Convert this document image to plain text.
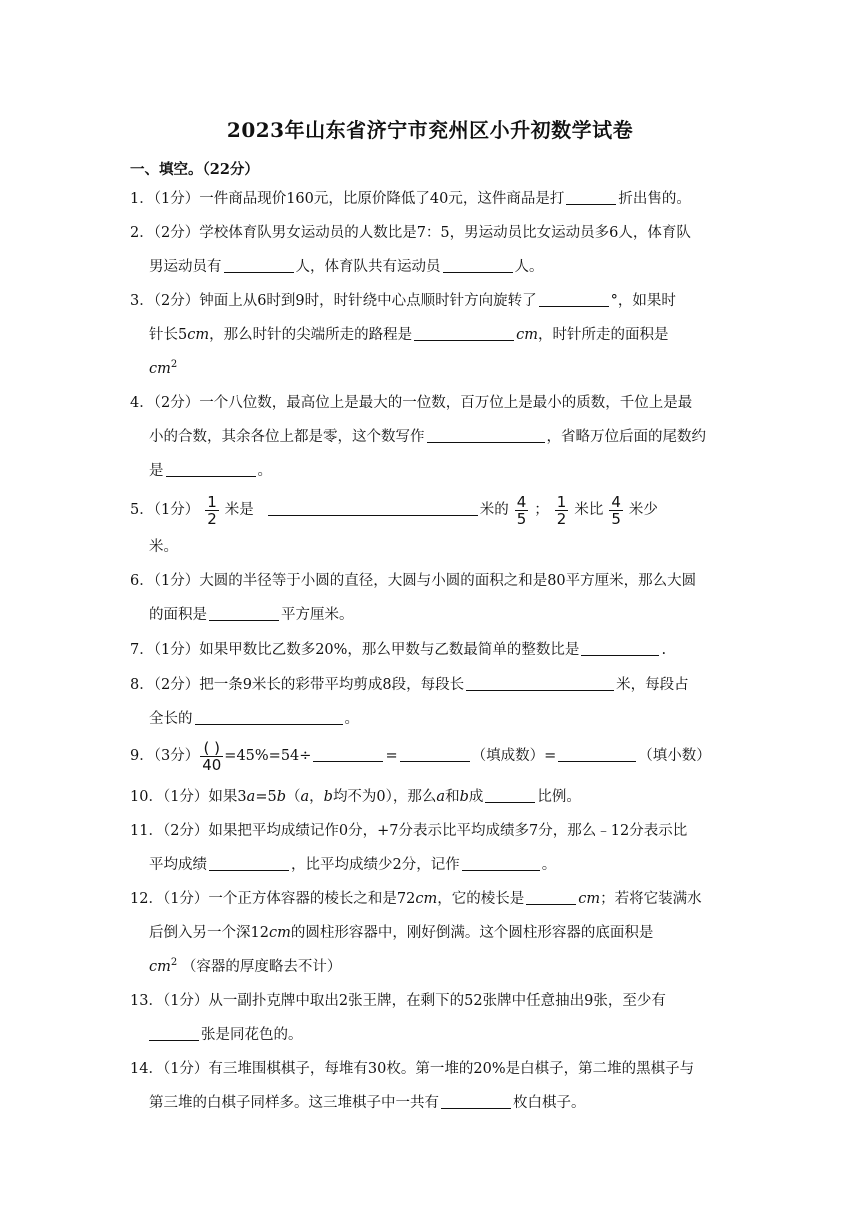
2023年山东省济宁市兖州区小升初数学试卷
一、填空。（22分）
1．（1分）一件商品现价160元，比原价降低了40元，这件商品是打	折出售的。
2．（2分）学校体育队男女运动员的人数比是7：5，男运动员比女运动员多6人，体育队
男运动员有	人，体育队共有运动员	人。
3．（2分）钟面上从6时到9时，时针绕中心点顺时针方向旋转了	°，如果时
针长5cm，那么时针的尖端所走的路程是	cm，时针所走的面积是
$cm^2$
4．（2分）一个八位数，最高位上是最大的一位数，百万位上是最小的质数，千位上是最
小的合数，其余各位上都是零，这个数写作	，省略万位后面的尾数约
是	。
5．（1分） $\frac{1}{2}$ 米是	米的 $\frac{4}{5}$ ； $\frac{1}{2}$ 米比 $\frac{4}{5}$ 米少
米。
6．（1分）大圆的半径等于小圆的直径，大圆与小圆的面积之和是80平方厘米，那么大圆
的面积是	平方厘米。
7．（1分）如果甲数比乙数多20%，那么甲数与乙数最简单的整数比是	.
8．（2分）把一条9米长的彩带平均剪成8段，每段长	米，每段占
全长的	。
9．（3分） $\frac{( )}{40} =45\%=54\div$	=	（填成数）=	（填小数）
10．（1分）如果3a=5b（a，b均不为0），那么a和b成	比例。
11．（2分）如果把平均成绩记作0分，+7分表示比平均成绩多7分，那么﹣12分表示比
平均成绩	，比平均成绩少2分，记作	。
12．（1分）一个正方体容器的棱长之和是72cm，它的棱长是	cm；若将它装满水
后倒入另一个深12cm的圆柱形容器中，刚好倒满。这个圆柱形容器的底面积是
$cm^2$ （容器的厚度略去不计）
13．（1分）从一副扑克牌中取出2张王牌，在剩下的52张牌中任意抽出9张，至少有
张是同花色的。
14．（1分）有三堆围棋棋子，每堆有30枚。第一堆的20%是白棋子，第二堆的黑棋子与
第三堆的白棋子同样多。这三堆棋子中一共有	枚白棋子。
